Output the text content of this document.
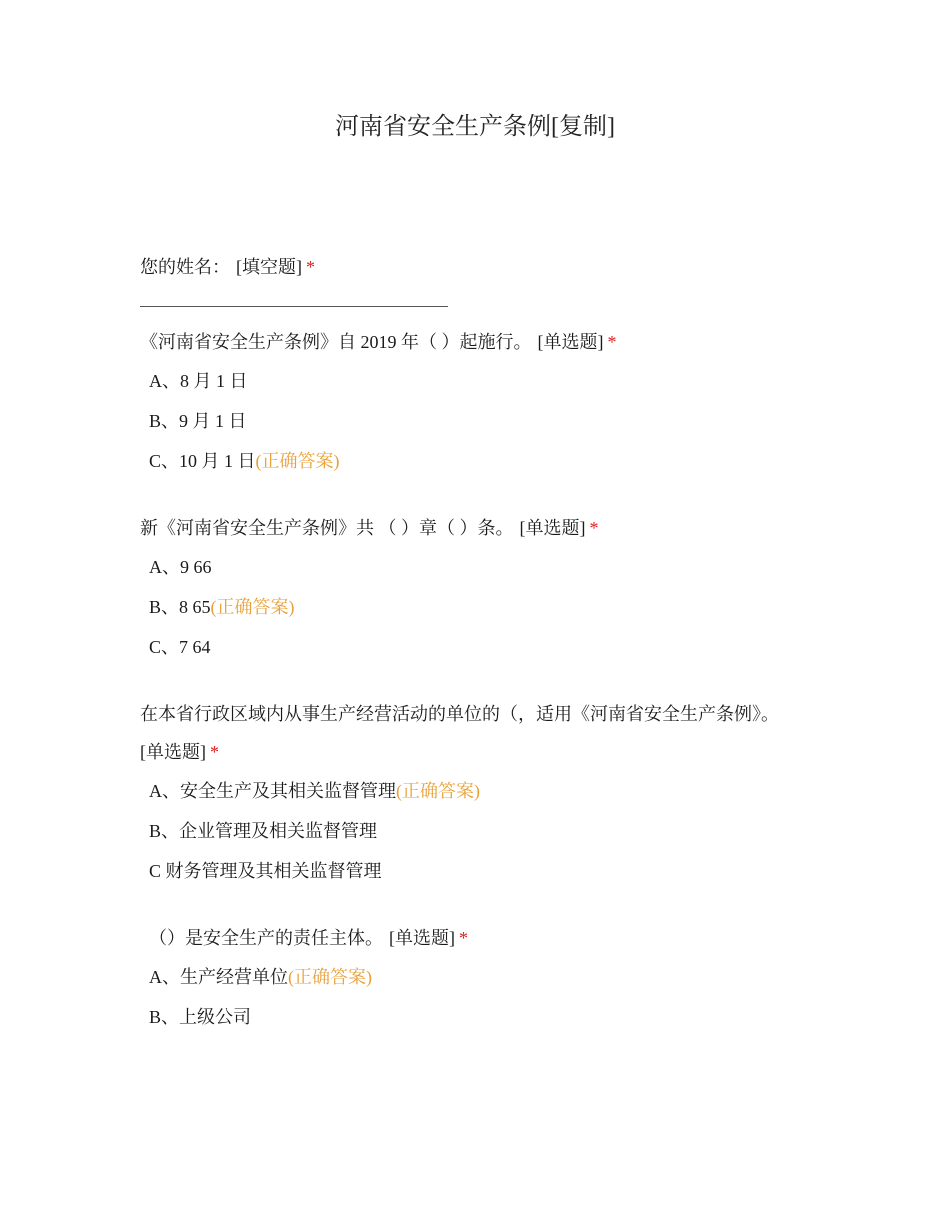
河南省安全生产条例[复制]
您的姓名： [填空题] *
《河南省安全生产条例》自 2019 年（ ）起施行。 [单选题] *
A、8 月 1 日
B、9 月 1 日
C、10 月 1 日(正确答案)
新《河南省安全生产条例》共 （ ）章（ ）条。 [单选题] *
A、9 66
B、8 65(正确答案)
C、7 64
在本省行政区域内从事生产经营活动的单位的（，适用《河南省安全生产条例》。
[单选题] *
A、安全生产及其相关监督管理(正确答案)
B、企业管理及相关监督管理
C 财务管理及其相关监督管理
（）是安全生产的责任主体。 [单选题] *
A、生产经营单位(正确答案)
B、上级公司
